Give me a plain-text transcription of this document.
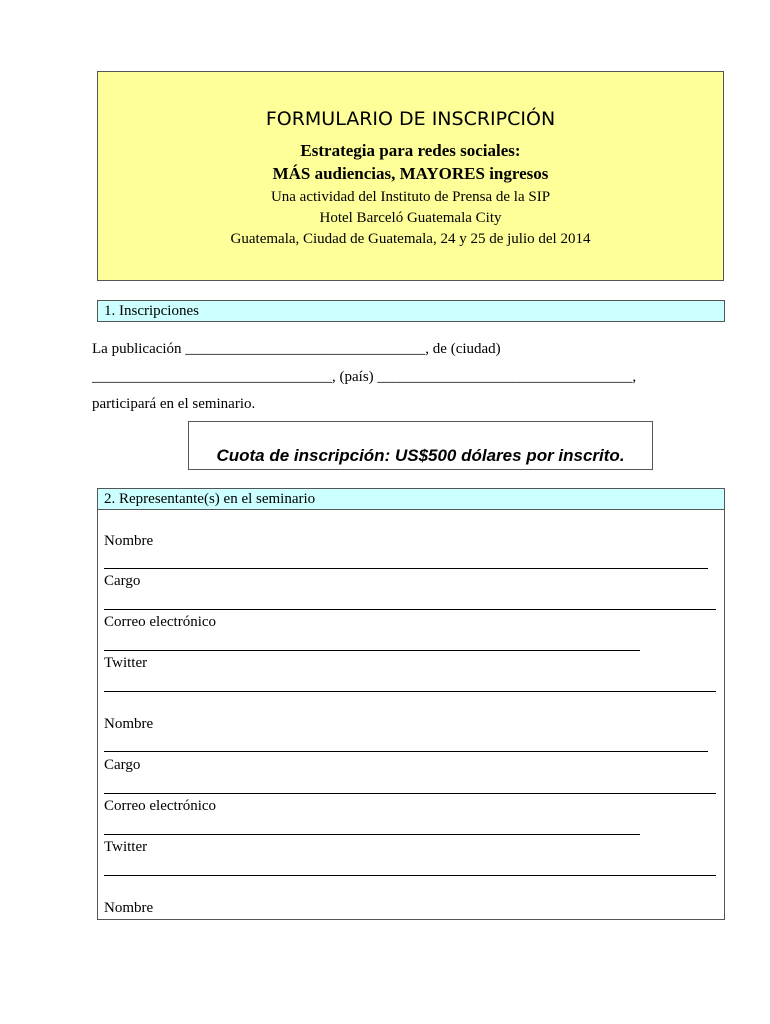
FORMULARIO DE INSCRIPCIÓN
Estrategia para redes sociales:
MÁS audiencias, MAYORES ingresos
Una actividad del Instituto de Prensa de la SIP
Hotel Barceló Guatemala City
Guatemala, Ciudad de Guatemala, 24 y 25 de julio del 2014
1. Inscripciones
La publicación ________________________________, de (ciudad)
________________________________, (país) __________________________________,
participará en el seminario.
Cuota de inscripción: US$500 dólares por inscrito.
2. Representante(s) en el seminario
Nombre
Cargo
Correo electrónico
Twitter
Nombre
Cargo
Correo electrónico
Twitter
Nombre
